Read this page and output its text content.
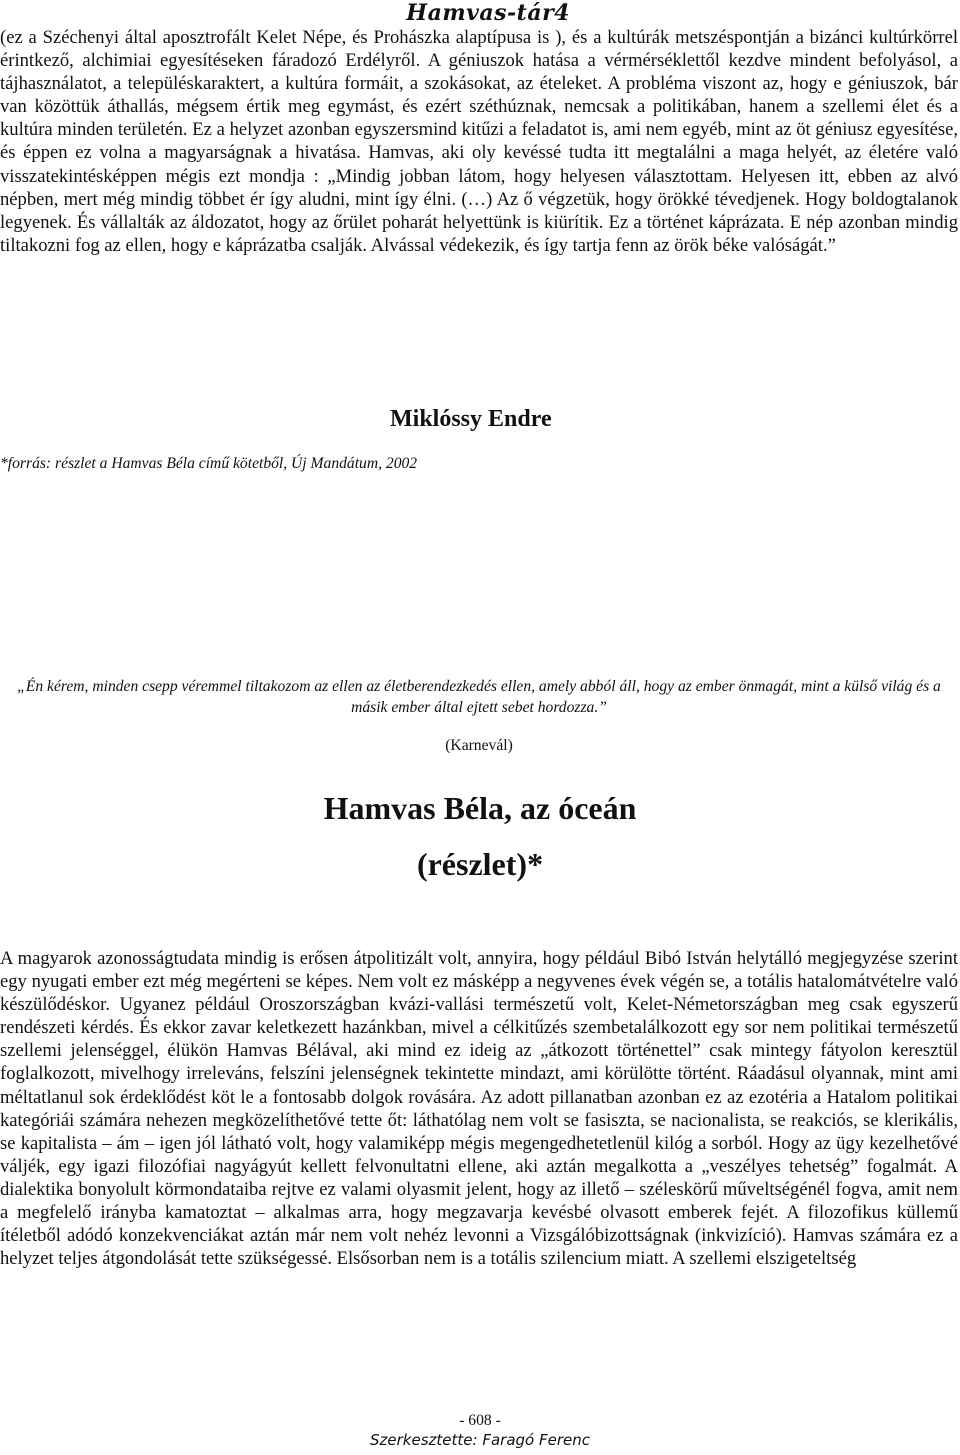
Hamvas-tár4

(ez a Széchenyi által aposztrofált Kelet Népe, és Prohászka alaptípusa is ), és a kultúrák metszéspontján a bizánci kultúrkörrel érintkező, alchimiai egyesítéseken fáradozó Erdélyről. A géniuszok hatása a vérmérséklettől kezdve mindent befolyásol, a tájhasználatot, a településkaraktert, a kultúra formáit, a szokásokat, az ételeket. A probléma viszont az, hogy e géniuszok, bár van közöttük áthallás, mégsem értik meg egymást, és ezért széthúznak, nemcsak a politikában, hanem a szellemi élet és a kultúra minden területén. Ez a helyzet azonban egyszersmind kitűzi a feladatot is, ami nem egyéb, mint az öt géniusz egyesítése, és éppen ez volna a magyarságnak a hivatása. Hamvas, aki oly kevéssé tudta itt megtalálni a maga helyét, az életére való visszatekintésképpen mégis ezt mondja : „Mindig jobban látom, hogy helyesen választottam. Helyesen itt, ebben az alvó népben, mert még mindig többet ér így aludni, mint így élni. (…) Az ő végzetük, hogy örökké tévedjenek. Hogy boldogtalanok legyenek. És vállalták az áldozatot, hogy az őrület poharát helyettünk is kiürítik. Ez a történet káprázata. E nép azonban mindig tiltakozni fog az ellen, hogy e káprázatba csalják. Alvással védekezik, és így tartja fenn az örök béke valóságát.”

Miklóssy Endre
*forrás: részlet a Hamvas Béla című kötetből, Új Mandátum, 2002
„Én kérem, minden csepp véremmel tiltakozom az ellen az életberendezkedés ellen, amely abból áll, hogy az ember önmagát, mint a külső világ és a másik ember által ejtett sebet hordozza.”
(Karnevál)
Hamvas Béla, az óceán
(részlet)*

A magyarok azonosságtudata mindig is erősen átpolitizált volt, annyira, hogy például Bibó István helytálló megjegyzése szerint egy nyugati ember ezt még megérteni se képes. Nem volt ez másképp a negyvenes évek végén se, a totális hatalomátvételre való készülődéskor. Ugyanez például Oroszországban kvázi-vallási természetű volt, Kelet-Németországban meg csak egyszerű rendészeti kérdés. És ekkor zavar keletkezett hazánkban, mivel a célkitűzés szembetalálkozott egy sor nem politikai természetű szellemi jelenséggel, élükön Hamvas Bélával, aki mind ez ideig az „átkozott történettel” csak mintegy fátyolon keresztül foglalkozott, mivelhogy irreleváns, felszíni jelenségnek tekintette mindazt, ami körülötte történt. Ráadásul olyannak, mint ami méltatlanul sok érdeklődést köt le a fontosabb dolgok rovására. Az adott pillanatban azonban ez az ezotéria a Hatalom politikai kategóriái számára nehezen megközelíthetővé tette őt: láthatólag nem volt se fasiszta, se nacionalista, se reakciós, se klerikális, se kapitalista – ám – igen jól látható volt, hogy valamiképp mégis megengedhetetlenül kilóg a sorból. Hogy az ügy kezelhetővé váljék, egy igazi filozófiai nagyágyút kellett felvonultatni ellene, aki aztán megalkotta a „veszélyes tehetség” fogalmát. A dialektika bonyolult körmondataiba rejtve ez valami olyasmit jelent, hogy az illető – széleskörű műveltségénél fogva, amit nem a megfelelő irányba kamatoztat – alkalmas arra, hogy megzavarja kevésbé olvasott emberek fejét. A filozofikus küllemű ítéletből adódó konzekvenciákat aztán már nem volt nehéz levonni a Vizsgálóbizottságnak (inkvizíció). Hamvas számára ez a helyzet teljes átgondolását tette szükségessé. Elsősorban nem is a totális szilencium miatt. A szellemi elszigeteltség

- 608 -
Szerkesztette: Faragó Ferenc
